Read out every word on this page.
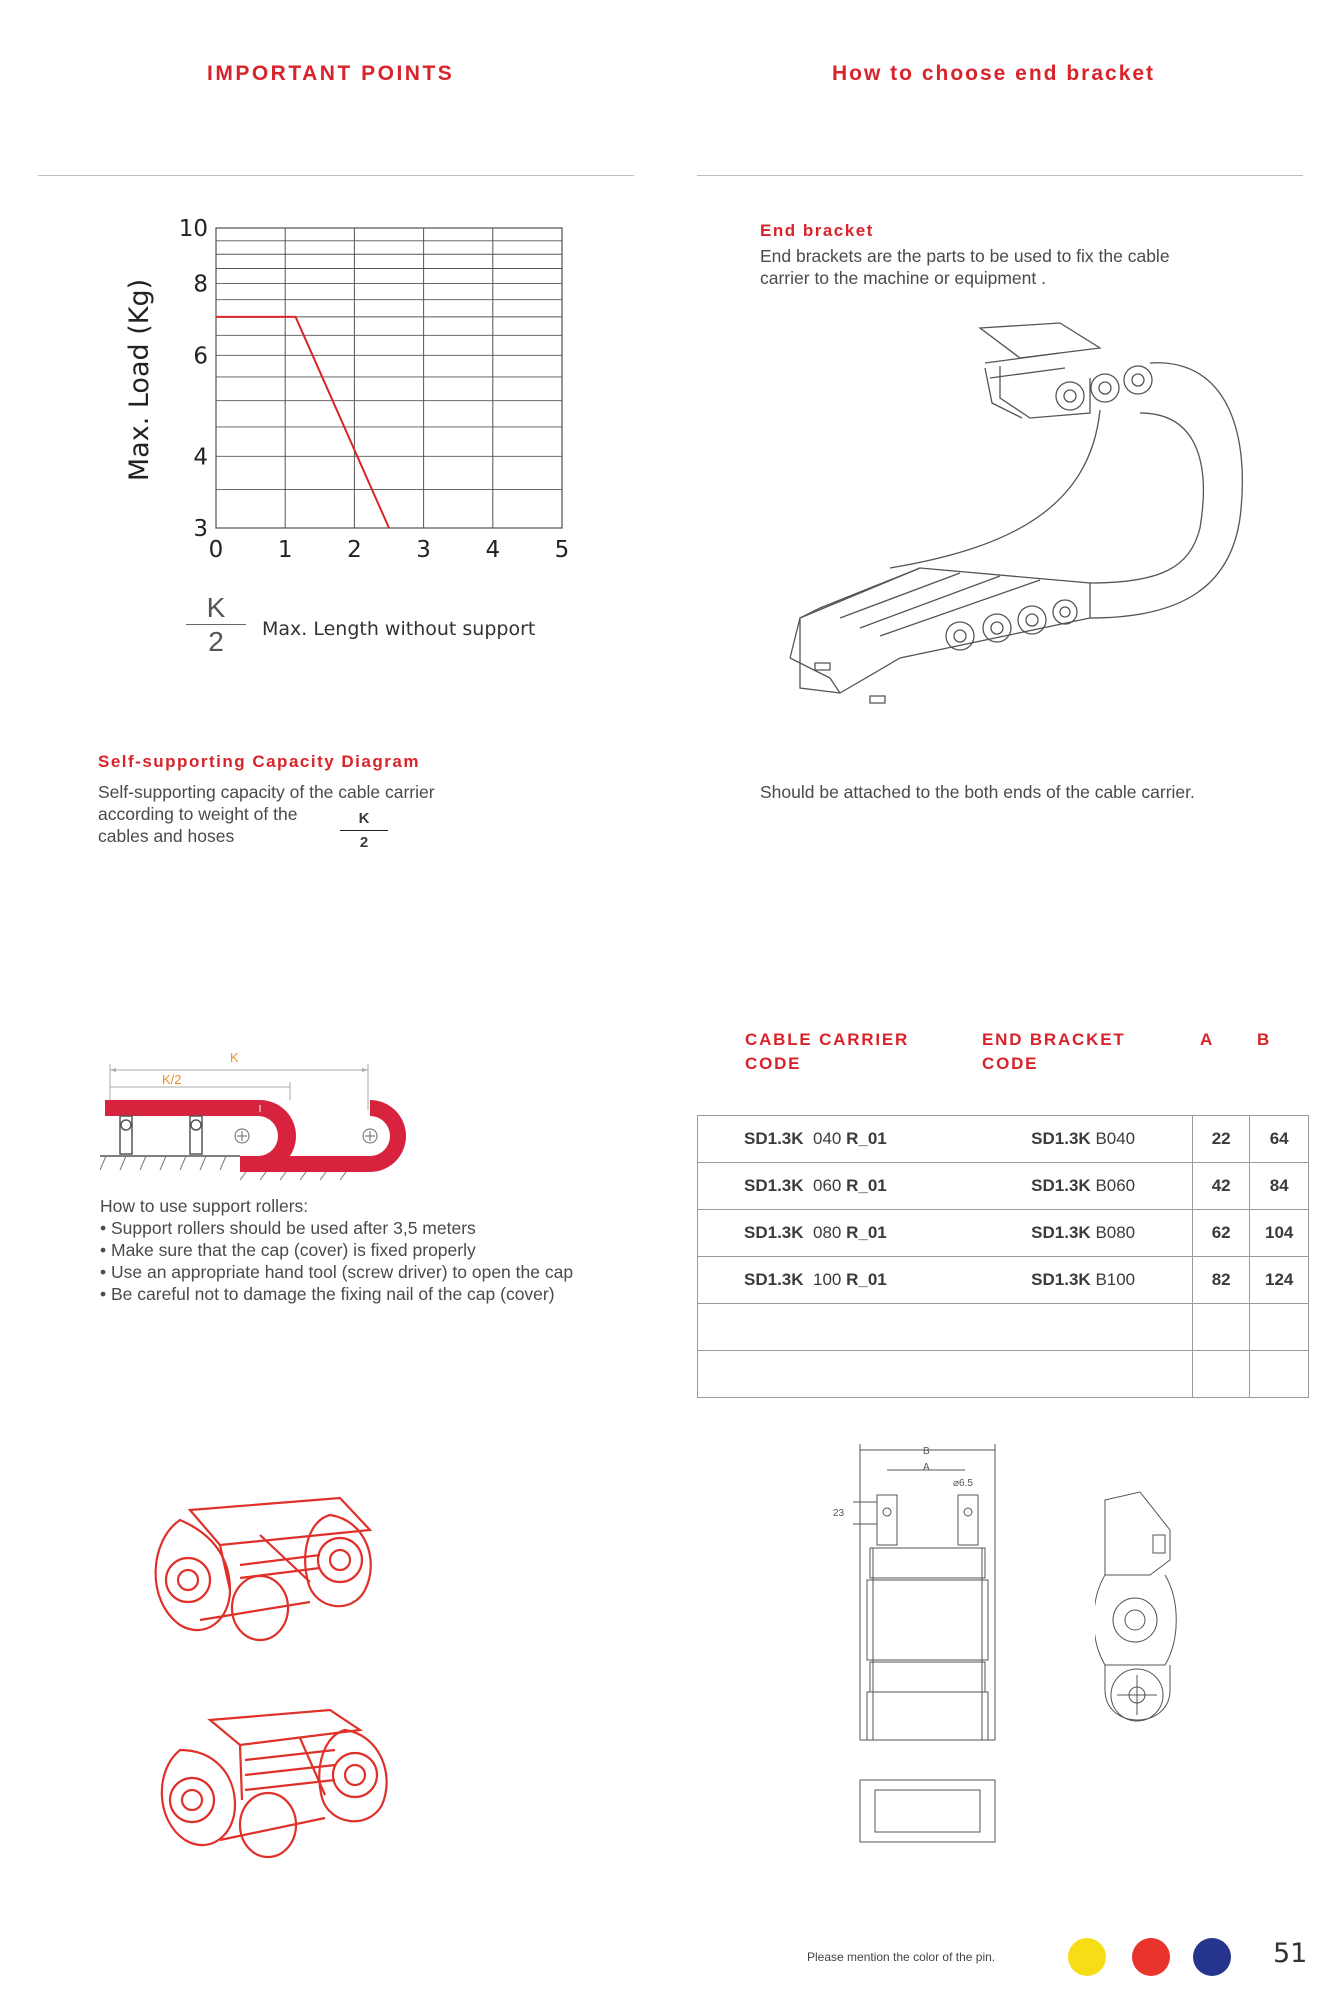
IMPORTANT POINTS	How to choose end bracket
0 1 2 3 4 5
3
4
6
8
10
Max. Load (Kg)
K
2	Max. Length without support
Self-supporting Capacity Diagram
Self-supporting capacity of the cable carrier
according to weight of the
cables and hoses
K
2
K
K/2
How to use support rollers:
• Support rollers should be used after 3,5 meters
• Make sure that the cap (cover) is fixed properly
• Use an appropriate hand tool (screw driver) to open the cap
• Be careful not to damage the fixing nail of the cap (cover)
End bracket
End brackets are the parts to be used to fix the cable
carrier to the machine or equipment .
Should be attached to the both ends of the cable carrier.
CABLE CARRIER
CODE
END BRACKET
CODE
A	B
SD1.3K 040 R_01	SD1.3K B040	22	64
SD1.3K 060 R_01	SD1.3K B060	42	84
SD1.3K 080 R_01	SD1.3K B080	62	104
SD1.3K 100 R_01	SD1.3K B100	82	124

B
A
⌀6.5
23
Please mention the color of the pin.	51
